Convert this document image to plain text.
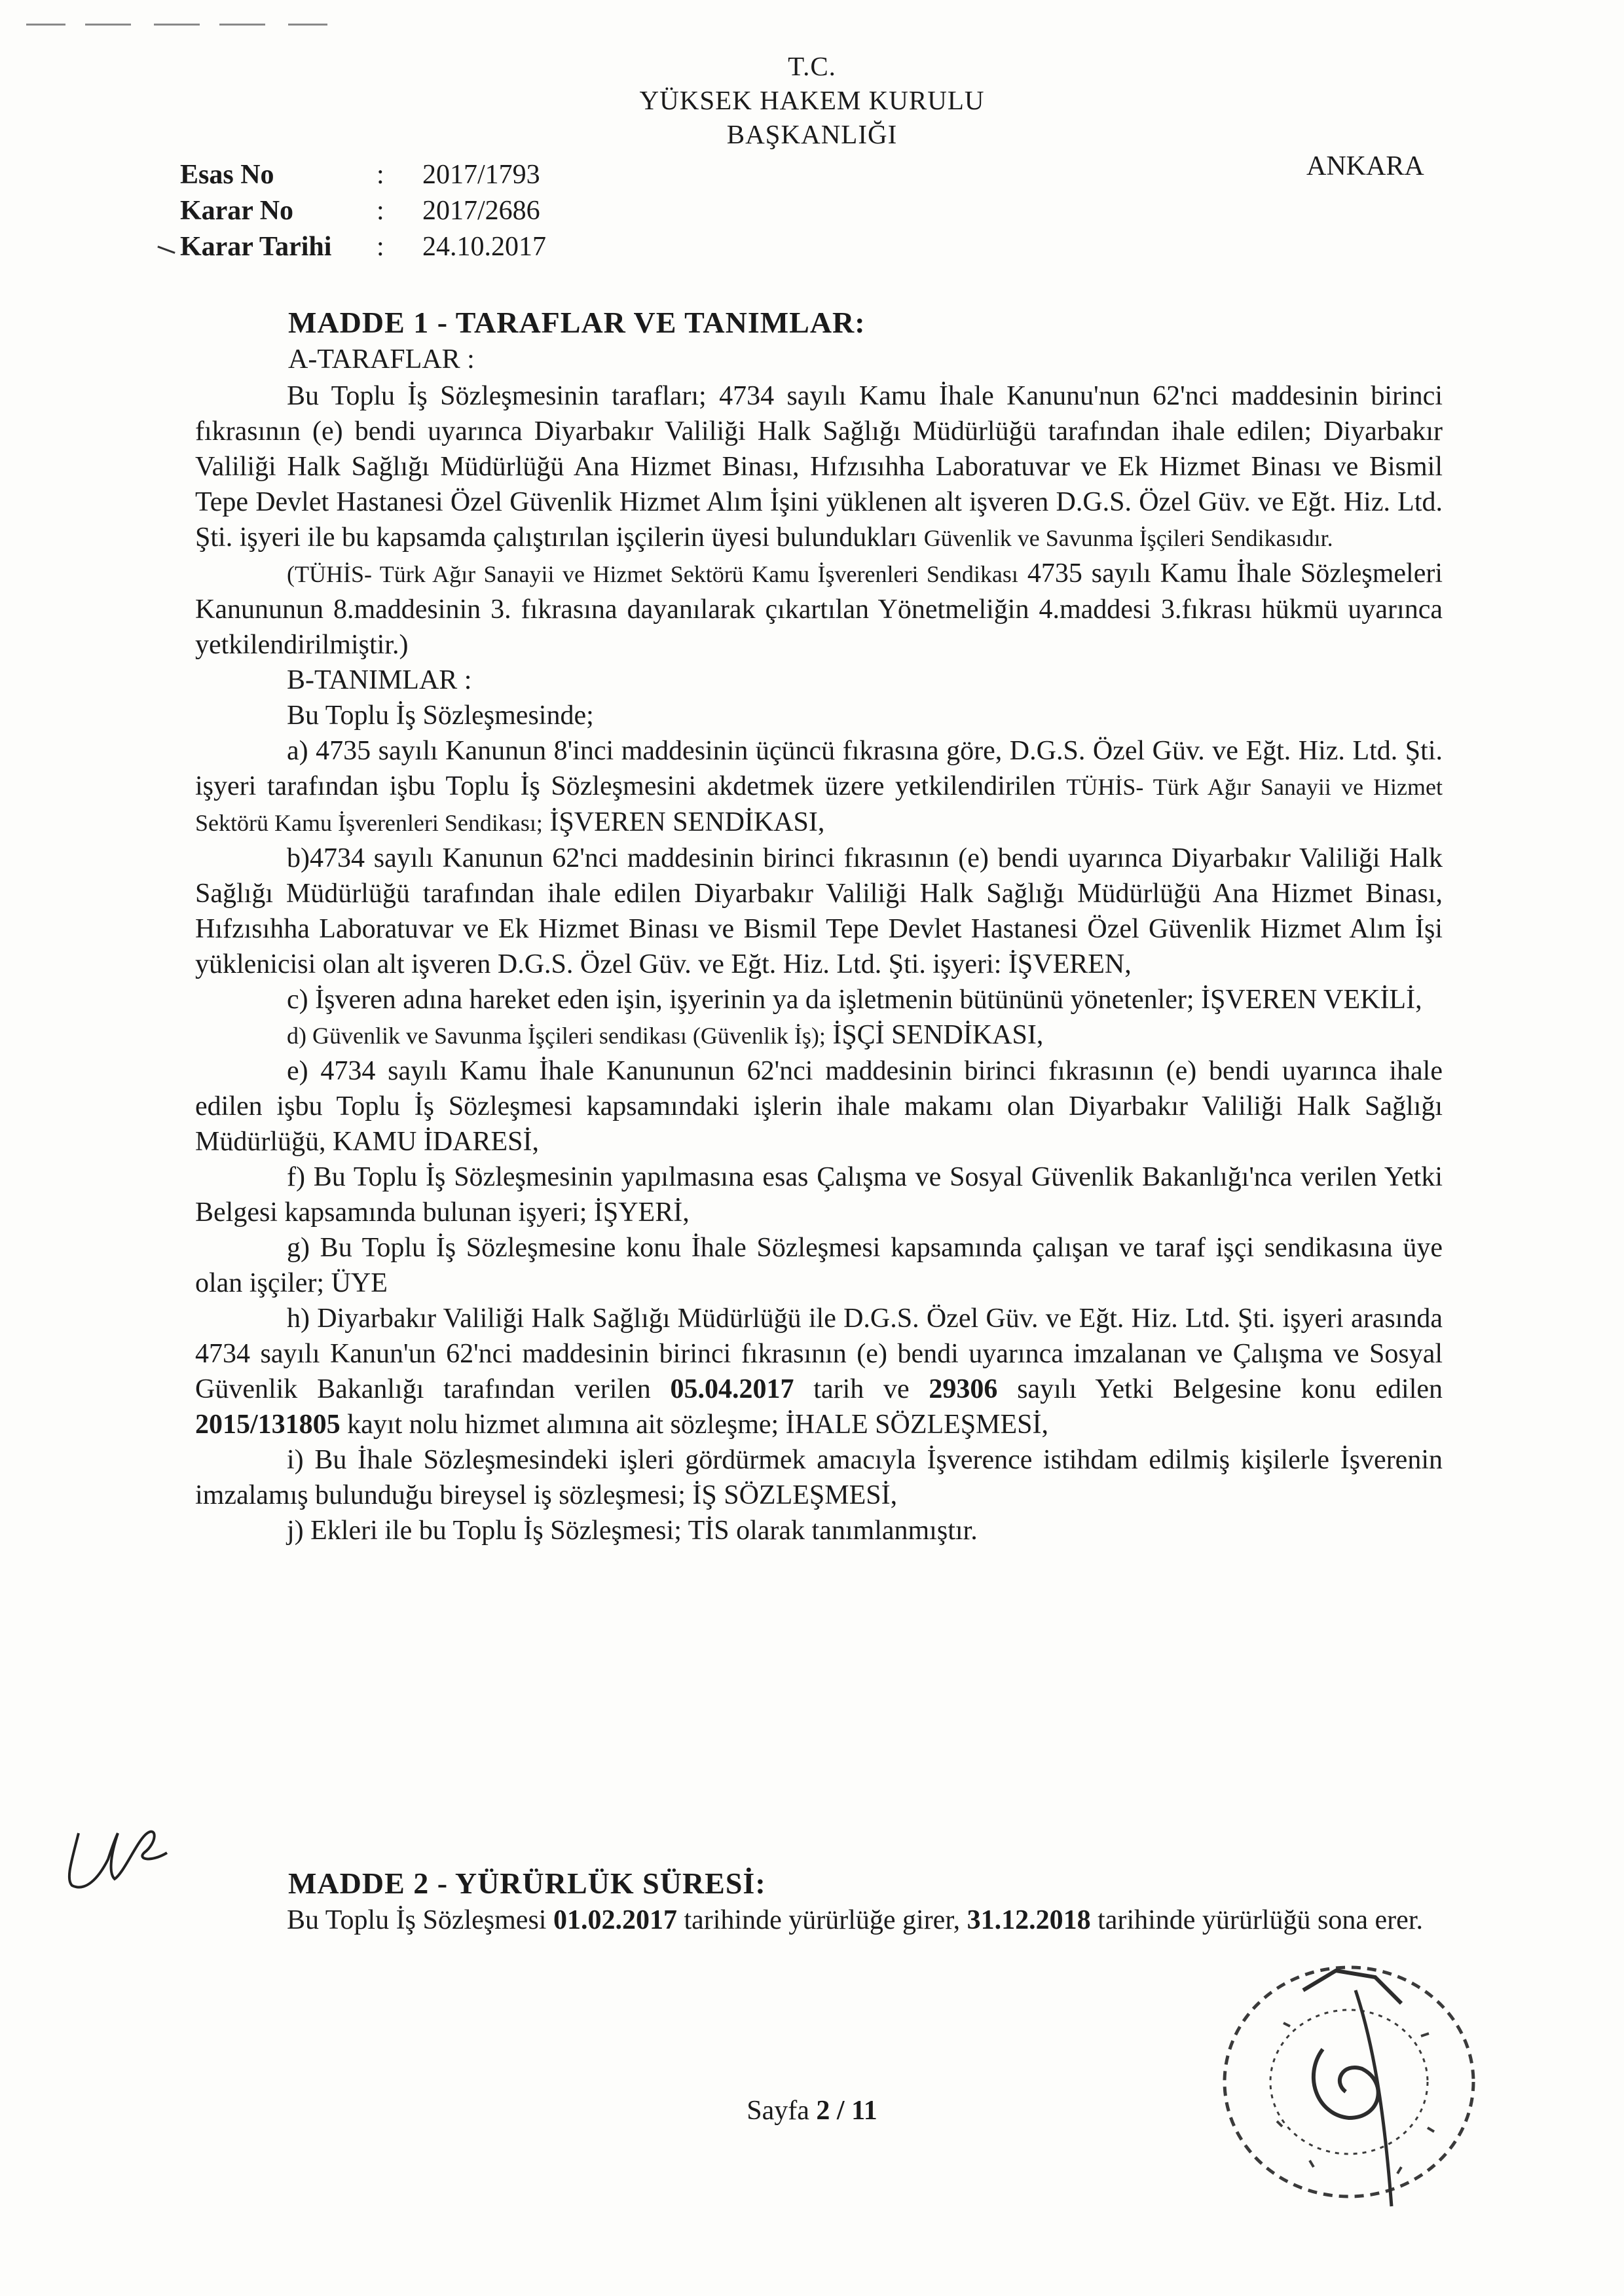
T.C.
YÜKSEK HAKEM KURULU
BAŞKANLIĞI
ANKARA
Esas No	: 2017/1793
Karar No	: 2017/2686
Karar Tarihi : 24.10.2017
MADDE 1 - TARAFLAR VE TANIMLAR:
A-TARAFLAR :

Bu Toplu İş Sözleşmesinin tarafları; 4734 sayılı Kamu İhale Kanunu'nun 62'nci maddesinin birinci fıkrasının (e) bendi uyarınca Diyarbakır Valiliği Halk Sağlığı Müdürlüğü tarafından ihale edilen; Diyarbakır Valiliği Halk Sağlığı Müdürlüğü Ana Hizmet Binası, Hıfzısıhha Laboratuvar ve Ek Hizmet Binası ve Bismil Tepe Devlet Hastanesi Özel Güvenlik Hizmet Alım İşini yüklenen alt işveren D.G.S. Özel Güv. ve Eğt. Hiz. Ltd. Şti. işyeri ile bu kapsamda çalıştırılan işçilerin üyesi bulundukları Güvenlik ve Savunma İşçileri Sendikasıdır.

(TÜHİS- Türk Ağır Sanayii ve Hizmet Sektörü Kamu İşverenleri Sendikası 4735 sayılı Kamu İhale Sözleşmeleri Kanununun 8.maddesinin 3. fıkrasına dayanılarak çıkartılan Yönetmeliğin 4.maddesi 3.fıkrası hükmü uyarınca yetkilendirilmiştir.)

B-TANIMLAR :

Bu Toplu İş Sözleşmesinde;

a) 4735 sayılı Kanunun 8'inci maddesinin üçüncü fıkrasına göre, D.G.S. Özel Güv. ve Eğt. Hiz. Ltd. Şti. işyeri tarafından işbu Toplu İş Sözleşmesini akdetmek üzere yetkilendirilen TÜHİS- Türk Ağır Sanayii ve Hizmet Sektörü Kamu İşverenleri Sendikası; İŞVEREN SENDİKASI,

b)4734 sayılı Kanunun 62'nci maddesinin birinci fıkrasının (e) bendi uyarınca Diyarbakır Valiliği Halk Sağlığı Müdürlüğü tarafından ihale edilen Diyarbakır Valiliği Halk Sağlığı Müdürlüğü Ana Hizmet Binası, Hıfzısıhha Laboratuvar ve Ek Hizmet Binası ve Bismil Tepe Devlet Hastanesi Özel Güvenlik Hizmet Alım İşi yüklenicisi olan alt işveren D.G.S. Özel Güv. ve Eğt. Hiz. Ltd. Şti. işyeri: İŞVEREN,

c) İşveren adına hareket eden işin, işyerinin ya da işletmenin bütününü yönetenler; İŞVEREN VEKİLİ,

d) Güvenlik ve Savunma İşçileri sendikası (Güvenlik İş); İŞÇİ SENDİKASI,

e) 4734 sayılı Kamu İhale Kanununun 62'nci maddesinin birinci fıkrasının (e) bendi uyarınca ihale edilen işbu Toplu İş Sözleşmesi kapsamındaki işlerin ihale makamı olan Diyarbakır Valiliği Halk Sağlığı Müdürlüğü, KAMU İDARESİ,

f) Bu Toplu İş Sözleşmesinin yapılmasına esas Çalışma ve Sosyal Güvenlik Bakanlığı'nca verilen Yetki Belgesi kapsamında bulunan işyeri; İŞYERİ,

g) Bu Toplu İş Sözleşmesine konu İhale Sözleşmesi kapsamında çalışan ve taraf işçi sendikasına üye olan işçiler; ÜYE

h) Diyarbakır Valiliği Halk Sağlığı Müdürlüğü ile D.G.S. Özel Güv. ve Eğt. Hiz. Ltd. Şti. işyeri arasında 4734 sayılı Kanun'un 62'nci maddesinin birinci fıkrasının (e) bendi uyarınca imzalanan ve Çalışma ve Sosyal Güvenlik Bakanlığı tarafından verilen 05.04.2017 tarih ve 29306 sayılı Yetki Belgesine konu edilen 2015/131805 kayıt nolu hizmet alımına ait sözleşme; İHALE SÖZLEŞMESİ,

i) Bu İhale Sözleşmesindeki işleri gördürmek amacıyla İşverence istihdam edilmiş kişilerle İşverenin imzalamış bulunduğu bireysel iş sözleşmesi; İŞ SÖZLEŞMESİ,

j) Ekleri ile bu Toplu İş Sözleşmesi; TİS olarak tanımlanmıştır.

MADDE 2 - YÜRÜRLÜK SÜRESİ:

Bu Toplu İş Sözleşmesi 01.02.2017 tarihinde yürürlüğe girer, 31.12.2018 tarihinde yürürlüğü sona erer.

Sayfa 2 / 11
